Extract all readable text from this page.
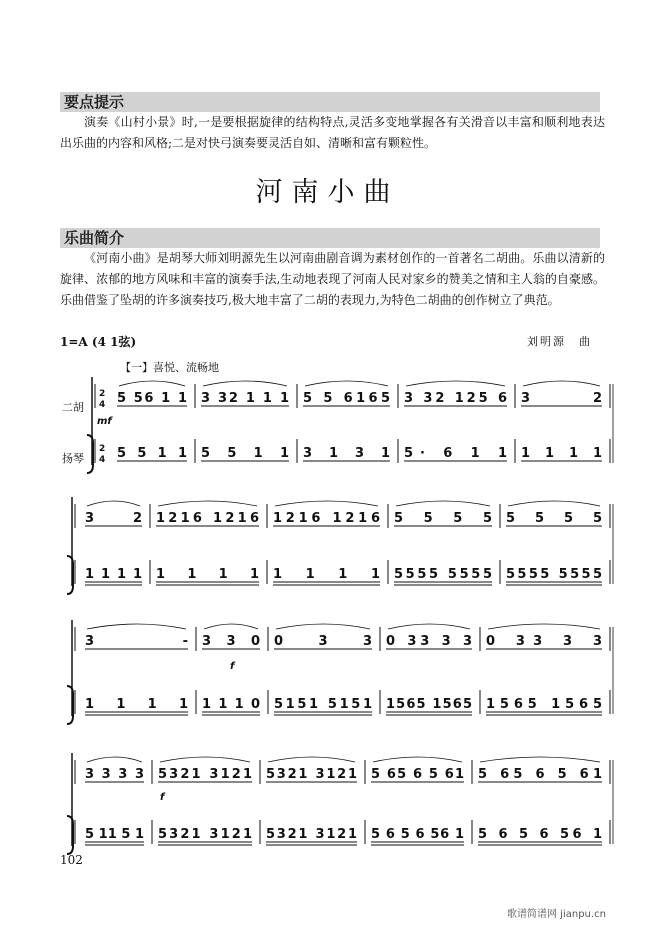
要点提示

演奏《山村小景》时,一是要根据旋律的结构特点,灵活多变地掌握各有关滑音以丰富和顺利地表达出乐曲的内容和风格;二是对快弓演奏要灵活自如、清晰和富有颗粒性。

河南小曲
乐曲简介

《河南小曲》是胡琴大师刘明源先生以河南曲剧音调为素材创作的一首著名二胡曲。乐曲以清新的旋律、浓郁的地方风味和丰富的演奏手法,生动地表现了河南人民对家乡的赞美之情和主人翁的自豪感。乐曲借鉴了坠胡的许多演奏技巧,极大地丰富了二胡的表现力,为特色二胡曲的创作树立了典范。

1=A (4 1弦)	刘明源　曲
【一】喜悦、流畅地
二胡
扬琴
2
4
2
4
mf
5 56 1 1
5 5 1 1
3 32 1 1 1
5 5 1 1
5 5 6165
3 1 3 1
3 32 125 6
5· 6 1 1
3 2
1 1 1 1
3 2
1 1 1 1
1216 1216
1 1 1 1
1216 1216
1 1 1 1
5 5 5 5
5555 5555
5 5 5 5
5555 5555
f
3 -
1 1 1 1
3 3 0
1 1 1 0
0 3 3
5151 5151
0 33 3 3
1565 1565
0 33 3 3
1565 1565
f
3 3 3 3
5 11 5 1
5321 3121
5321 3121
5321 3121
5321 3121
5 65 6 5 61
5 6 5 6 56 1
5 65 6 5 61
5 6 5 6 56 1
102
歌谱简谱网 jianpu.cn
